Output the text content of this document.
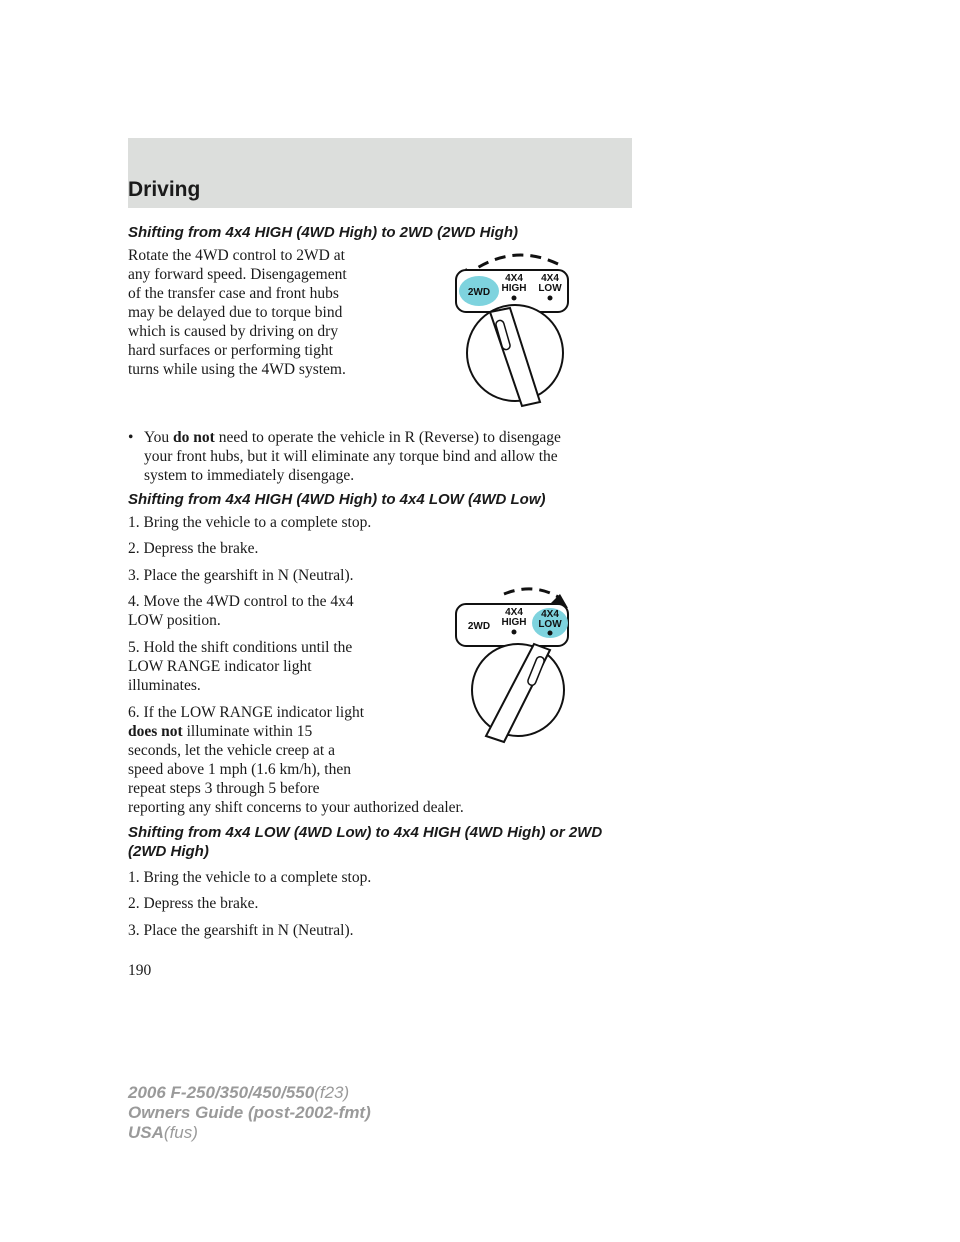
Driving
Shifting from 4x4 HIGH (4WD High) to 2WD (2WD High)
Rotate the 4WD control to 2WD at
any forward speed. Disengagement
of the transfer case and front hubs
may be delayed due to torque bind
which is caused by driving on dry
hard surfaces or performing tight
turns while using the 4WD system.
2WD
4X4
HIGH
4X4
LOW
• You do not need to operate the vehicle in R (Reverse) to disengage
your front hubs, but it will eliminate any torque bind and allow the
system to immediately disengage.
Shifting from 4x4 HIGH (4WD High) to 4x4 LOW (4WD Low)
1. Bring the vehicle to a complete stop.
2. Depress the brake.
3. Place the gearshift in N (Neutral).
4. Move the 4WD control to the 4x4
LOW position.
5. Hold the shift conditions until the
LOW RANGE indicator light
illuminates.
6. If the LOW RANGE indicator light
does not illuminate within 15
seconds, let the vehicle creep at a
speed above 1 mph (1.6 km/h), then
repeat steps 3 through 5 before
reporting any shift concerns to your authorized dealer.
2WD
4X4
HIGH
4X4
LOW
Shifting from 4x4 LOW (4WD Low) to 4x4 HIGH (4WD High) or 2WD
(2WD High)
1. Bring the vehicle to a complete stop.
2. Depress the brake.
3. Place the gearshift in N (Neutral).
190
2006 F-250/350/450/550(f23)
Owners Guide (post-2002-fmt)
USA(fus)
